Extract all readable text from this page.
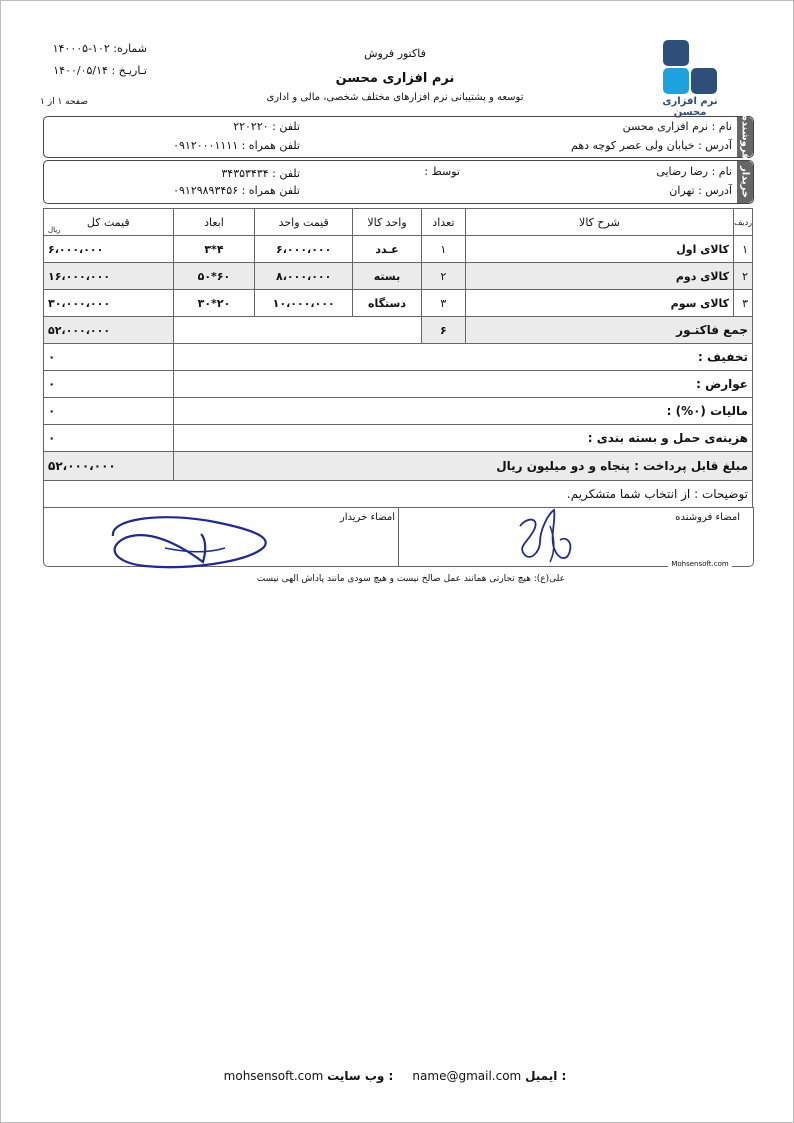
شماره: ۱۰۲-۱۴۰۰۰۵
تـاریـخ : ۱۴۰۰/۰۵/۱۴
صفحه ۱ از ۱
فاکتور فروش
نرم افزاری محسن
توسعه و پشتیبانی نرم افزارهای مختلف شخصی، مالی و اداری	نرم افزاری محسن
فروشنده
نام : نرم افزاری محسن
آدرس : خیابان ولی عصر کوچه دهم
تلفن : ۲۲۰۲۲۰
تلفن همراه : ۰۹۱۲۰۰۰۱۱۱۱
خریدار
نام : رضا رضایی
آدرس : تهران
توسط :
تلفن : ۳۴۳۵۳۴۳۴
تلفن همراه : ۰۹۱۲۹۸۹۳۴۵۶
ردیف	شرح کالا	تعداد	واحد کالا	قیمت واحد	ابعاد	قیمت کل
ریال

۱	کالای اول	۱	عـدد	۶،۰۰۰،۰۰۰	۴*۳	۶،۰۰۰،۰۰۰
۲	کالای دوم	۲	بسته	۸،۰۰۰،۰۰۰	۶۰*۵۰	۱۶،۰۰۰،۰۰۰
۳	کالای سوم	۳	دستگاه	۱۰،۰۰۰،۰۰۰	۲۰*۳۰	۳۰،۰۰۰،۰۰۰
جمع فاکتـور		۶				۵۲،۰۰۰،۰۰۰
تخفیف :	۰
عوارض :	۰
مالیات (۰%) :	۰
هزینه‌ی حمل و بسته بندی :	۰
مبلغ قابل پرداخت : پنجاه و دو میلیون ریال	۵۲،۰۰۰،۰۰۰
توضیحات : از انتخاب شما متشکریم.	
امضاء فروشنده
امضاء خریدار
Mohsensoft.com
علی(ع): هیچ تجارتی همانند عمل صالح نیست و هیچ سودی مانند پاداش الهی نیست
mohsensoft.com وب سایت : name@gmail.com ایمیل :
